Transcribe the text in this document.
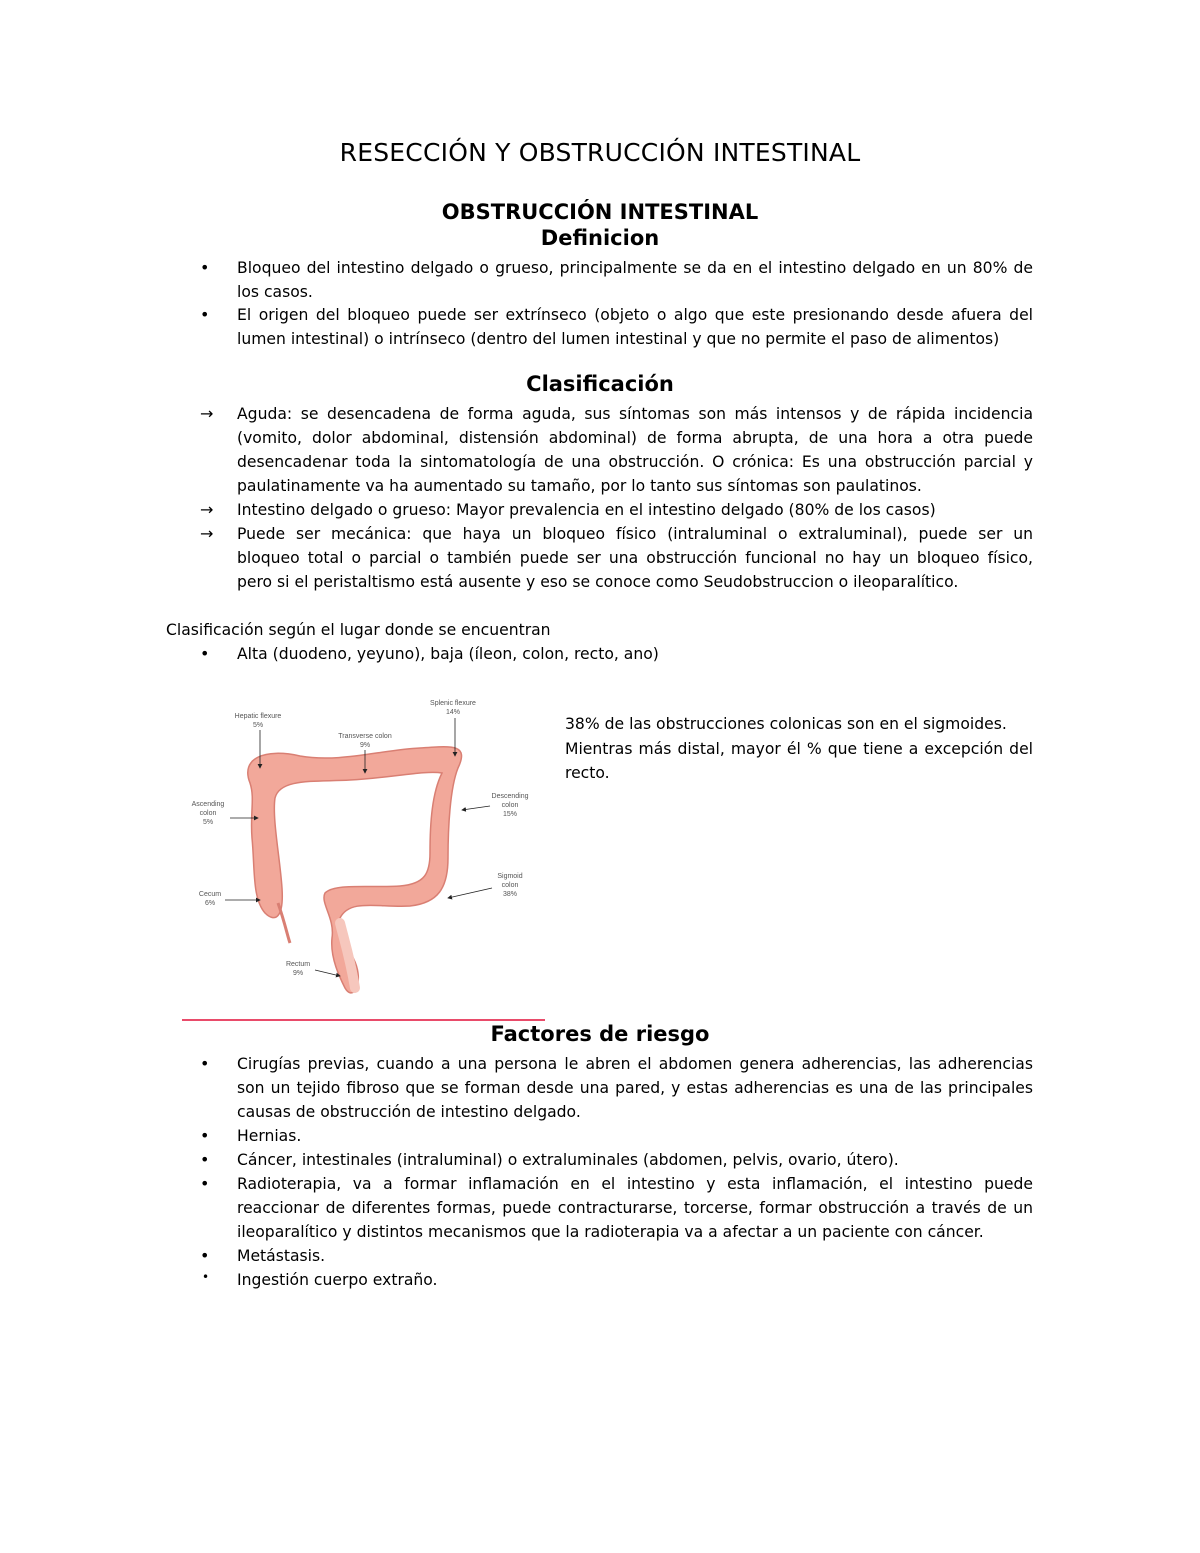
RESECCIÓN Y OBSTRUCCIÓN INTESTINAL
OBSTRUCCIÓN INTESTINAL
Definicion
• Bloqueo del intestino delgado o grueso, principalmente se da en el intestino delgado en un 80% de
los casos.
• El origen del bloqueo puede ser extrínseco (objeto o algo que este presionando desde afuera del
lumen intestinal) o intrínseco (dentro del lumen intestinal y que no permite el paso de alimentos)
Clasificación
→ Aguda: se desencadena de forma aguda, sus síntomas son más intensos y de rápida incidencia
(vomito, dolor abdominal, distensión abdominal) de forma abrupta, de una hora a otra puede
desencadenar toda la sintomatología de una obstrucción. O crónica: Es una obstrucción parcial y
paulatinamente va ha aumentado su tamaño, por lo tanto sus síntomas son paulatinos.
→ Intestino delgado o grueso: Mayor prevalencia en el intestino delgado (80% de los casos)
→ Puede ser mecánica: que haya un bloqueo físico (intraluminal o extraluminal), puede ser un
bloqueo total o parcial o también puede ser una obstrucción funcional no hay un bloqueo físico,
pero si el peristaltismo está ausente y eso se conoce como Seudobstruccion o ileoparalítico.
Clasificación según el lugar donde se encuentran
• Alta (duodeno, yeyuno), baja (íleon, colon, recto, ano)
Hepatic flexure
5%
Splenic flexure
14%
Transverse colon
9%
Ascending
colon
5%
Descending
colon
15%
Cecum
6%
Sigmoid
colon
38%
Rectum
9%
38% de las obstrucciones colonicas son en el sigmoides.
Mientras más distal, mayor él % que tiene a excepción del
recto.
Factores de riesgo
• Cirugías previas, cuando a una persona le abren el abdomen genera adherencias, las adherencias
son un tejido fibroso que se forman desde una pared, y estas adherencias es una de las principales
causas de obstrucción de intestino delgado.
• Hernias.
• Cáncer, intestinales (intraluminal) o extraluminales (abdomen, pelvis, ovario, útero).
• Radioterapia, va a formar inflamación en el intestino y esta inflamación, el intestino puede
reaccionar de diferentes formas, puede contracturarse, torcerse, formar obstrucción a través de un
ileoparalítico y distintos mecanismos que la radioterapia va a afectar a un paciente con cáncer.
• Metástasis.
• Ingestión cuerpo extraño.
